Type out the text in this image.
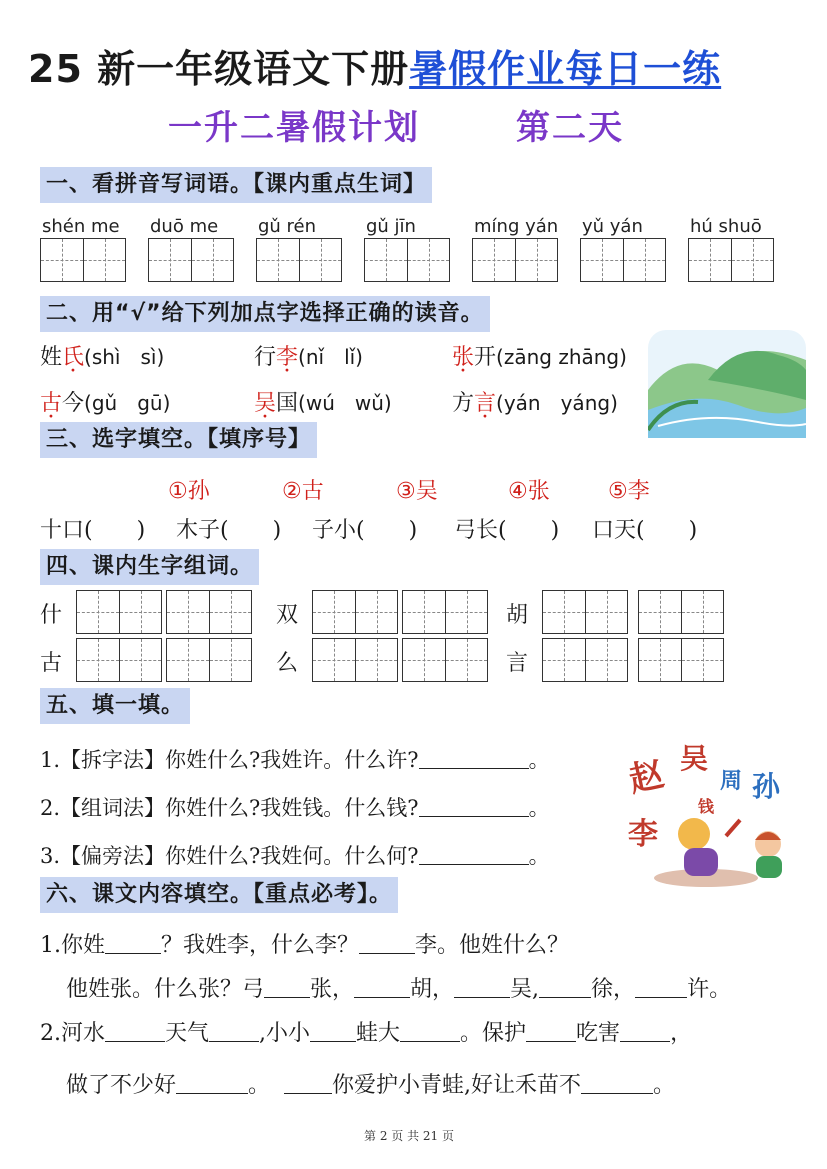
25 新一年级语文下册暑假作业每日一练
一升二暑假计划	第二天
一、看拼音写词语。【课内重点生词】
shén me duō me gǔ rén	gǔ jīn	míng yán yǔ yán	hú shuō
二、用“√”给下列加点字选择正确的读音。
姓氏(shì　sì)	行李(nǐ　lǐ)	张开(zāng zhāng)
古今(gǔ　gū)	吴国(wú　wǔ)	方言(yán　yáng)
三、选字填空。【填序号】
①孙	②古	③吴	④张	⑤李
十口(　　) 木子(　　) 子小(　　) 弓长(　　) 口天(　　)
四、课内生字组词。
什	双	胡
古	么	言
五、填一填。
1.【拆字法】你姓什么?我姓许。什么许?	。
2.【组词法】你姓什么?我姓钱。什么钱?	。
3.【偏旁法】你姓什么?我姓何。什么何?	。
赵 吴
周 孙
李
钱
六、课文内容填空。【重点必考】。
1.你姓	？我姓李，什么李？	李。他姓什么？
他姓张。什么张？弓 张，	胡，	吴, 徐， 许。
2.河水	天气 ,小小 蛙大	。保护 吃害 ，
做了不少好	。	你爱护小青蛙,好让禾苗不	。
第 2 页 共 21 页
